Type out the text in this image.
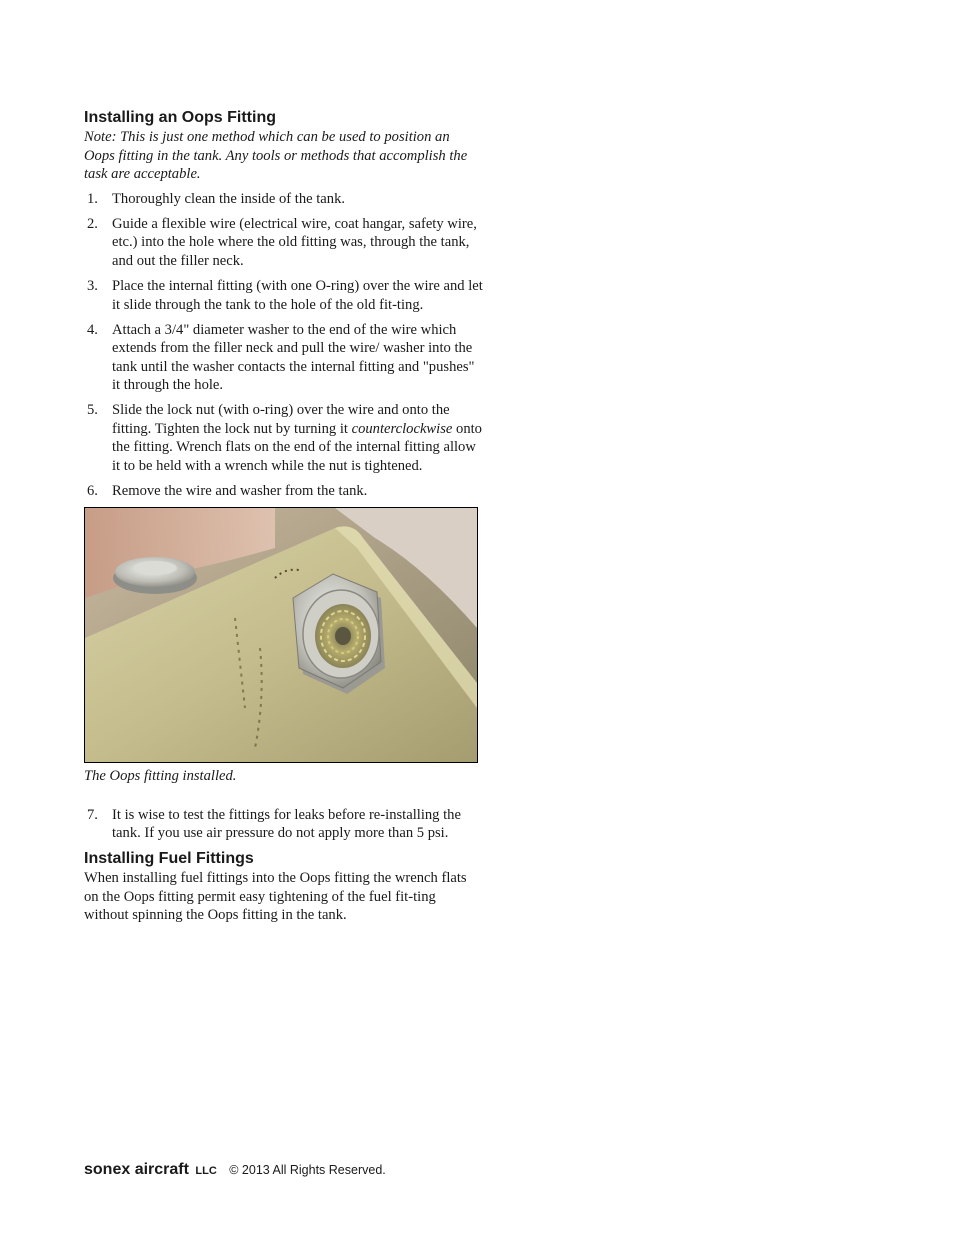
Installing an Oops Fitting

Note: This is just one method which can be used to position an Oops fitting in the tank. Any tools or methods that accomplish the task are acceptable.

1. Thoroughly clean the inside of the tank.
2. Guide a flexible wire (electrical wire, coat hangar, safety wire, etc.) into the hole where the old fitting was, through the tank, and out the filler neck.
3. Place the internal fitting (with one O-ring) over the wire and let it slide through the tank to the hole of the old fit-ting.
4. Attach a 3/4" diameter washer to the end of the wire which extends from the filler neck and pull the wire/ washer into the tank until the washer contacts the internal fitting and "pushes" it through the hole.
5. Slide the lock nut (with o-ring) over the wire and onto the fitting. Tighten the lock nut by turning it counterclockwise onto the fitting. Wrench flats on the end of the internal fitting allow it to be held with a wrench while the nut is tightened.
6. Remove the wire and washer from the tank.

The Oops fitting installed.

7. It is wise to test the fittings for leaks before re-installing the tank. If you use air pressure do not apply more than 5 psi.
Installing Fuel Fittings

When installing fuel fittings into the Oops fitting the wrench flats on the Oops fitting permit easy tightening of the fuel fit-ting without spinning the Oops fitting in the tank.

sonex aircraft LLC © 2013 All Rights Reserved.
